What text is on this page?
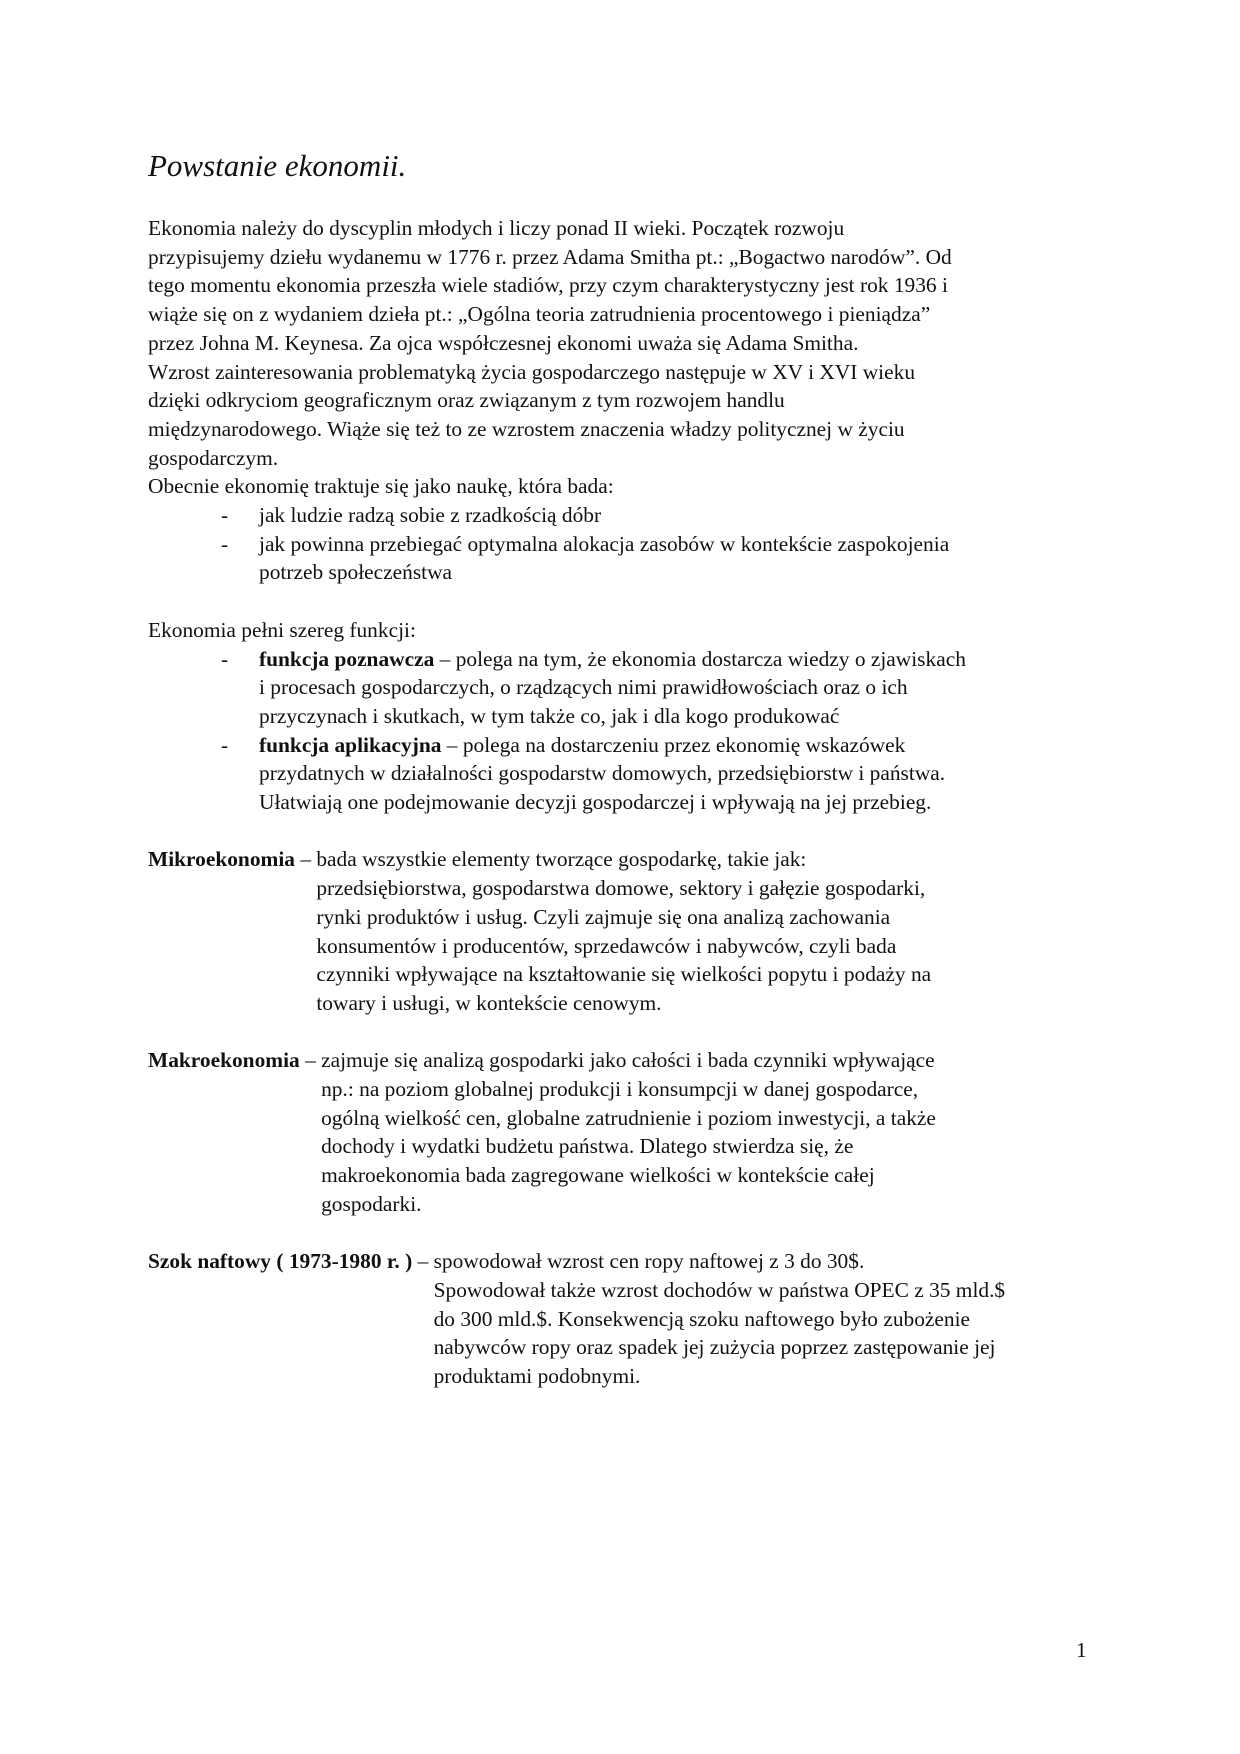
Powstanie ekonomii.

Ekonomia należy do dyscyplin młodych i liczy ponad II wieki. Początek rozwoju
przypisujemy dziełu wydanemu w 1776 r. przez Adama Smitha pt.: „Bogactwo narodów”. Od
tego momentu ekonomia przeszła wiele stadiów, przy czym charakterystyczny jest rok 1936 i
wiąże się on z wydaniem dzieła pt.: „Ogólna teoria zatrudnienia procentowego i pieniądza”
przez Johna M. Keynesa. Za ojca współczesnej ekonomi uważa się Adama Smitha.

Wzrost zainteresowania problematyką życia gospodarczego następuje w XV i XVI wieku
dzięki odkryciom geograficznym oraz związanym z tym rozwojem handlu
międzynarodowego. Wiąże się też to ze wzrostem znaczenia władzy politycznej w życiu
gospodarczym.

Obecnie ekonomię traktuje się jako naukę, która bada:

- jak ludzie radzą sobie z rzadkością dóbr
- jak powinna przebiegać optymalna alokacja zasobów w kontekście zaspokojenia
potrzeb społeczeństwa

Ekonomia pełni szereg funkcji:

- funkcja poznawcza – polega na tym, że ekonomia dostarcza wiedzy o zjawiskach
i procesach gospodarczych, o rządzących nimi prawidłowościach oraz o ich
przyczynach i skutkach, w tym także co, jak i dla kogo produkować
- funkcja aplikacyjna – polega na dostarczeniu przez ekonomię wskazówek
przydatnych w działalności gospodarstw domowych, przedsiębiorstw i państwa.
Ułatwiają one podejmowanie decyzji gospodarczej i wpływają na jej przebieg.
Mikroekonomia – bada wszystkie elementy tworzące gospodarkę, takie jak:
przedsiębiorstwa, gospodarstwa domowe, sektory i gałęzie gospodarki,
rynki produktów i usług. Czyli zajmuje się ona analizą zachowania
konsumentów i producentów, sprzedawców i nabywców, czyli bada
czynniki wpływające na kształtowanie się wielkości popytu i podaży na
towary i usługi, w kontekście cenowym.
Makroekonomia – zajmuje się analizą gospodarki jako całości i bada czynniki wpływające
np.: na poziom globalnej produkcji i konsumpcji w danej gospodarce,
ogólną wielkość cen, globalne zatrudnienie i poziom inwestycji, a także
dochody i wydatki budżetu państwa. Dlatego stwierdza się, że
makroekonomia bada zagregowane wielkości w kontekście całej
gospodarki.
Szok naftowy ( 1973-1980 r. ) – spowodował wzrost cen ropy naftowej z 3 do 30$.
Spowodował także wzrost dochodów w państwa OPEC z 35 mld.$
do 300 mld.$. Konsekwencją szoku naftowego było zubożenie
nabywców ropy oraz spadek jej zużycia poprzez zastępowanie jej
produktami podobnymi.
1
